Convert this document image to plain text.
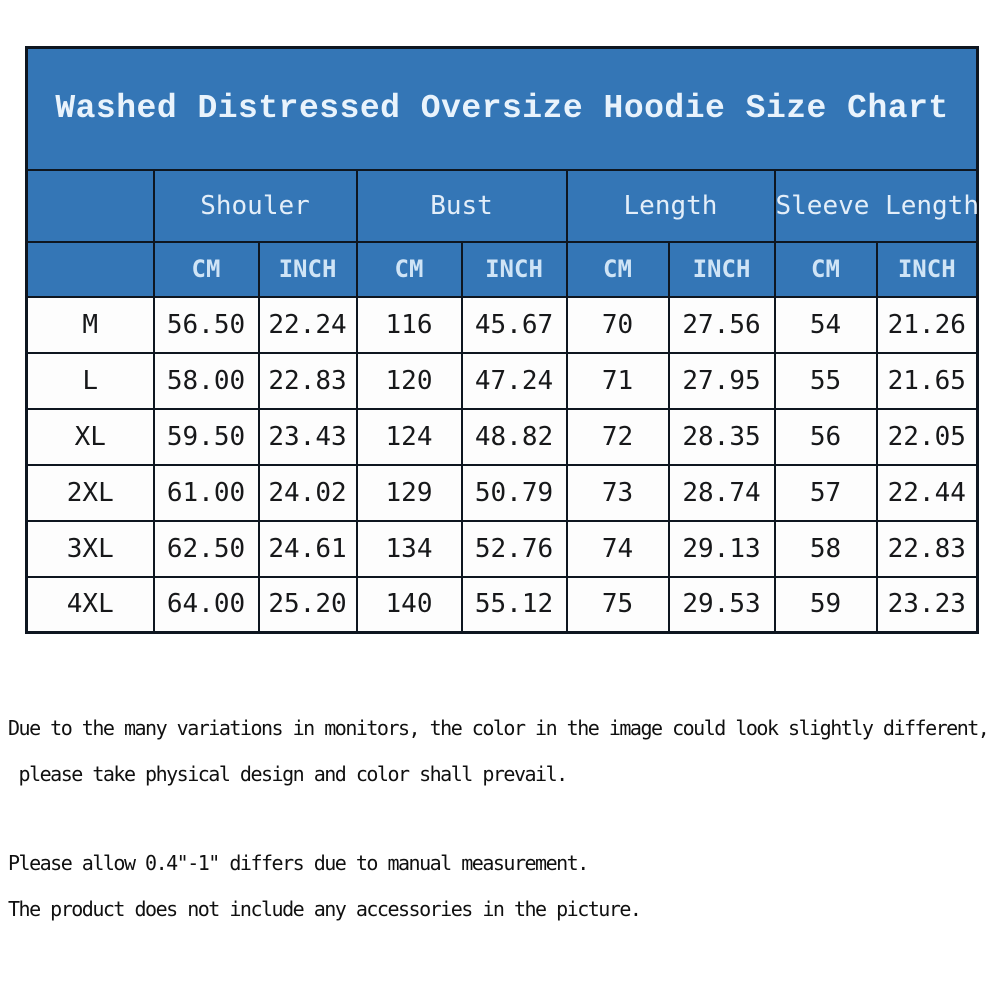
Washed Distressed Oversize Hoodie Size Chart								
	Shouler		Bust		Length		Sleeve Length	
	CM	INCH	CM	INCH	CM	INCH	CM	INCH
M	56.50	22.24	116	45.67	70	27.56	54	21.26
L	58.00	22.83	120	47.24	71	27.95	55	21.65
XL	59.50	23.43	124	48.82	72	28.35	56	22.05
2XL	61.00	24.02	129	50.79	73	28.74	57	22.44
3XL	62.50	24.61	134	52.76	74	29.13	58	22.83
4XL	64.00	25.20	140	55.12	75	29.53	59	23.23
Due to the many variations in monitors, the color in the image could look slightly different,
please take physical design and color shall prevail.
Please allow 0.4"-1" differs due to manual measurement.
The product does not include any accessories in the picture.
